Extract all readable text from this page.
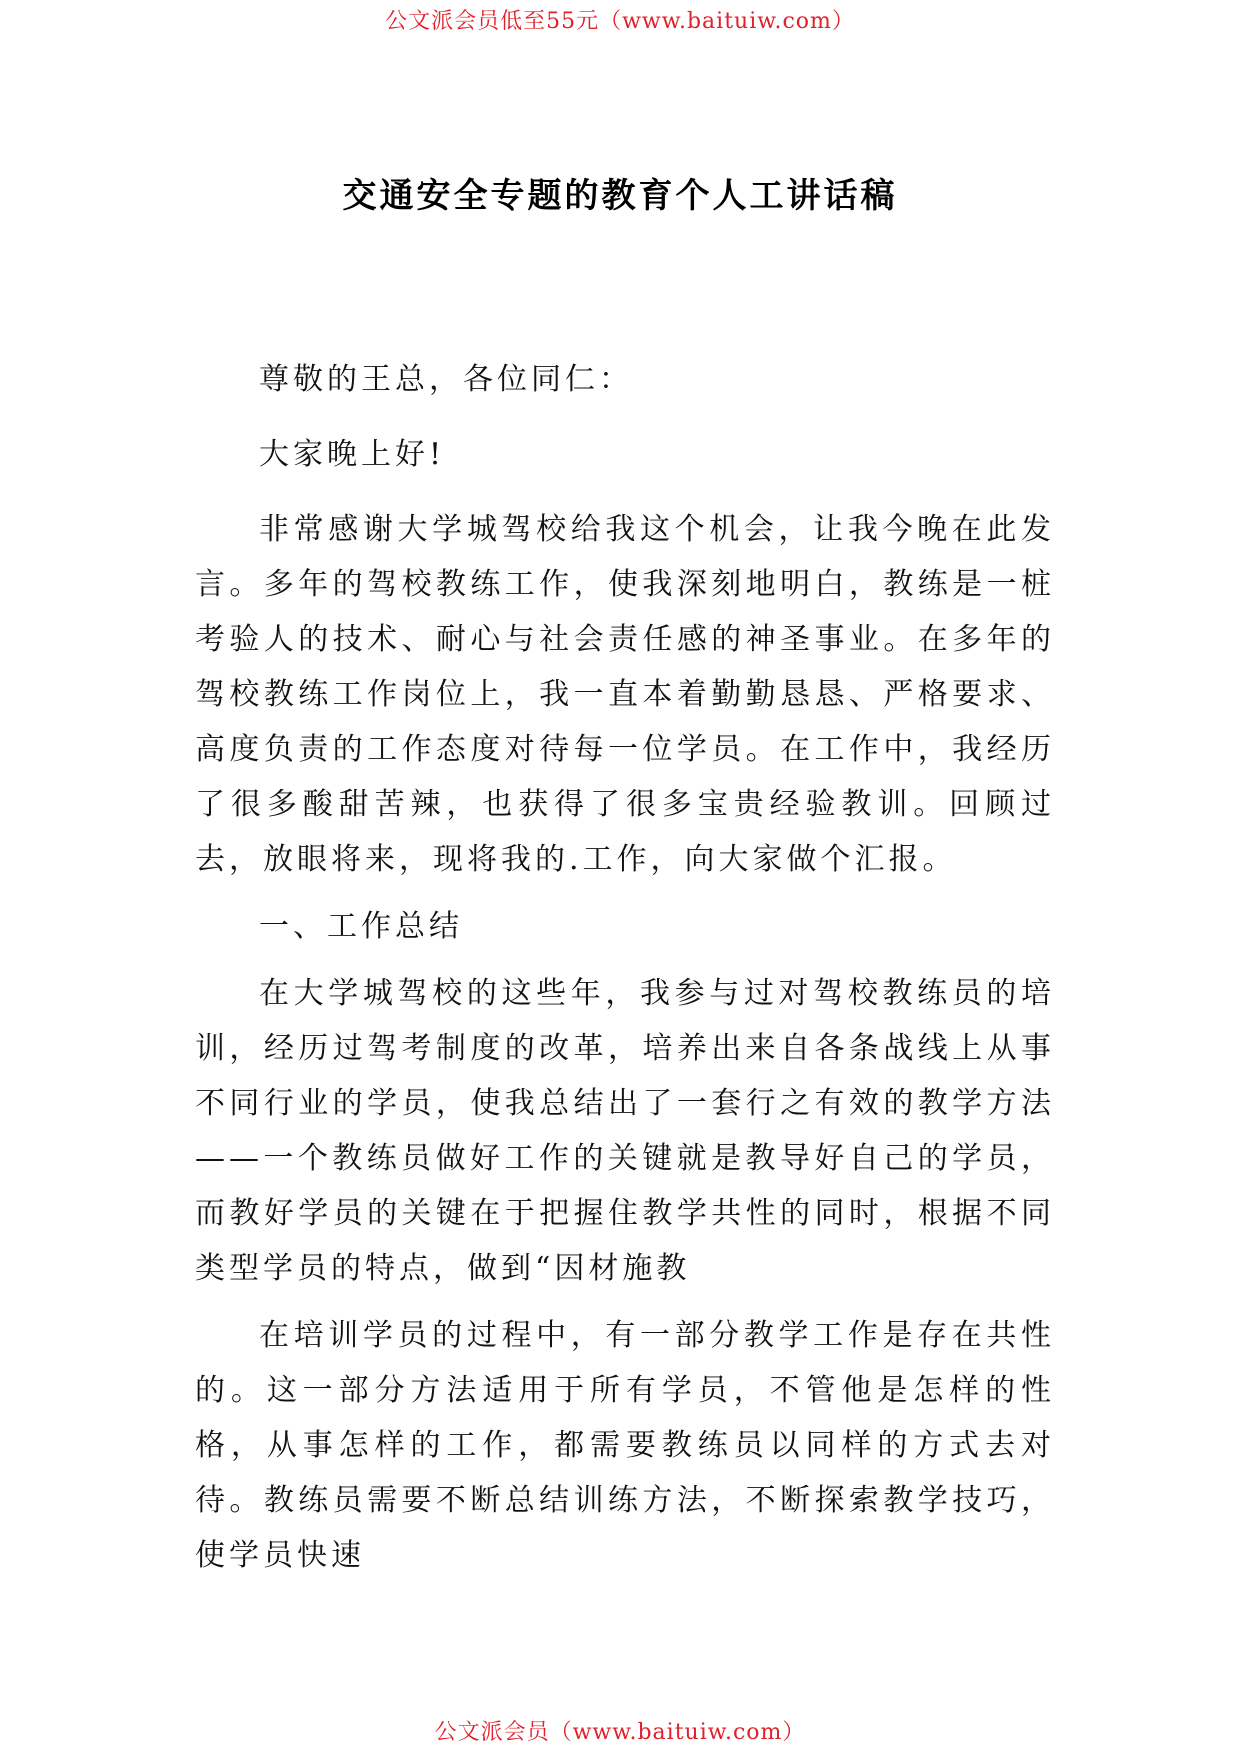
公文派会员低至55元（www.baituiw.com）
交通安全专题的教育个人工讲话稿

尊敬的王总，各位同仁：

大家晚上好!

非常感谢大学城驾校给我这个机会，让我今晚在此发言。多年的驾校教练工作，使我深刻地明白，教练是一桩考验人的技术、耐心与社会责任感的神圣事业。在多年的驾校教练工作岗位上，我一直本着勤勤恳恳、严格要求、高度负责的工作态度对待每一位学员。在工作中，我经历了很多酸甜苦辣，也获得了很多宝贵经验教训。回顾过去，放眼将来，现将我的.工作，向大家做个汇报。

一、工作总结

在大学城驾校的这些年，我参与过对驾校教练员的培训，经历过驾考制度的改革，培养出来自各条战线上从事不同行业的学员，使我总结出了一套行之有效的教学方法——一个教练员做好工作的关键就是教导好自己的学员，而教好学员的关键在于把握住教学共性的同时，根据不同类型学员的特点，做到“因材施教

在培训学员的过程中，有一部分教学工作是存在共性的。这一部分方法适用于所有学员，不管他是怎样的性格，从事怎样的工作，都需要教练员以同样的方式去对待。教练员需要不断总结训练方法，不断探索教学技巧，使学员快速

公文派会员（www.baituiw.com）
